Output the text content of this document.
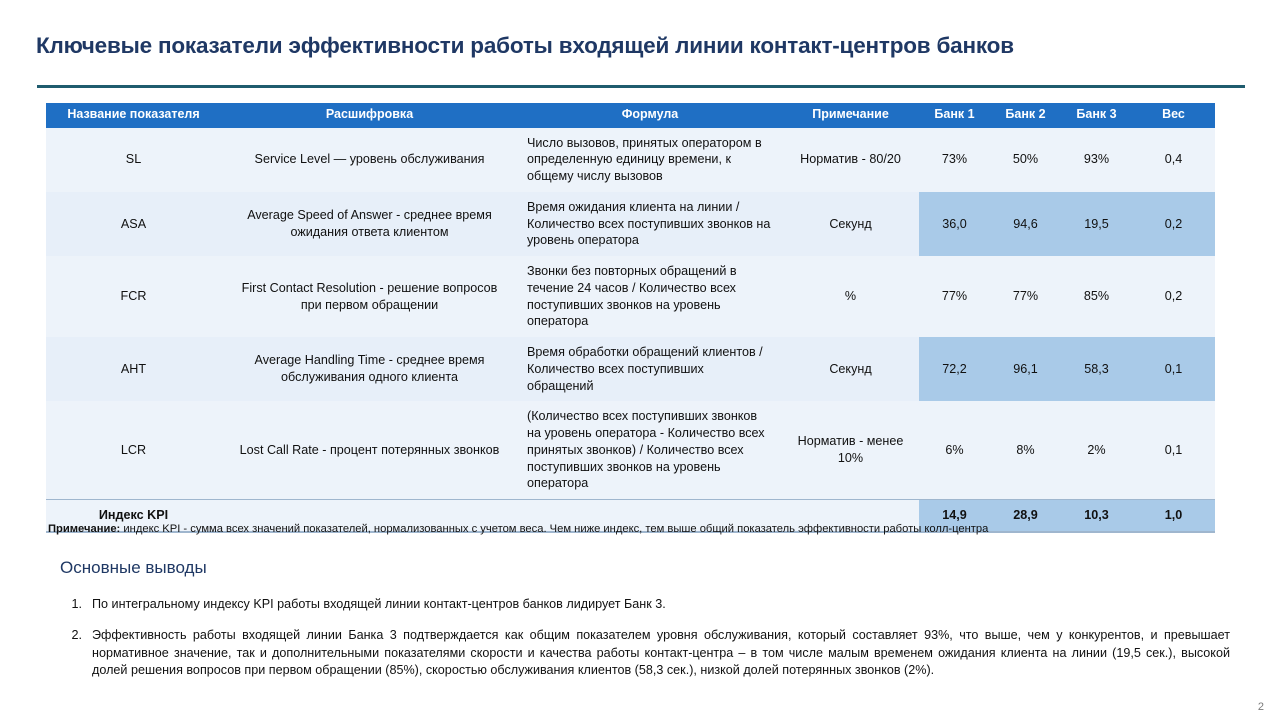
Ключевые показатели эффективности работы входящей линии контакт-центров банков
Название показателя	Расшифровка	Формула	Примечание	Банк 1	Банк 2	Банк 3	Вес
SL	Service Level — уровень обслуживания	Число вызовов, принятых оператором в определенную единицу времени, к общему числу вызовов	Норматив - 80/20	73%	50%	93%	0,4
ASA	Average Speed of Answer - среднее время ожидания ответа клиентом	Время ожидания клиента на линии / Количество всех поступивших звонков на уровень оператора	Секунд	36,0	94,6	19,5	0,2
FCR	First Contact Resolution - решение вопросов при первом обращении	Звонки без повторных обращений в течение 24 часов / Количество всех поступивших звонков на уровень оператора	%	77%	77%	85%	0,2
AHT	Average Handling Time - среднее время обслуживания одного клиента	Время обработки обращений клиентов / Количество всех поступивших обращений	Секунд	72,2	96,1	58,3	0,1
LCR	Lost Call Rate - процент потерянных звонков	(Количество всех поступивших звонков на уровень оператора - Количество всех принятых звонков) / Количество всех поступивших звонков на уровень оператора	Норматив - менее 10%	6%	8%	2%	0,1
Индекс KPI				14,9	28,9	10,3	1,0
Примечание: индекс KPI - сумма всех значений показателей, нормализованных с учетом веса. Чем ниже индекс, тем выше общий показатель эффективности работы колл-центра
Основные выводы
1. По интегральному индексу KPI работы входящей линии контакт-центров банков лидирует Банк 3.
2. Эффективность работы входящей линии Банка 3 подтверждается как общим показателем уровня обслуживания, который составляет 93%, что выше, чем у конкурентов, и превышает нормативное значение, так и дополнительными показателями скорости и качества работы контакт-центра – в том числе малым временем ожидания клиента на линии (19,5 сек.), высокой долей решения вопросов при первом обращении (85%), скоростью обслуживания клиентов (58,3 сек.), низкой долей потерянных звонков (2%).
2
